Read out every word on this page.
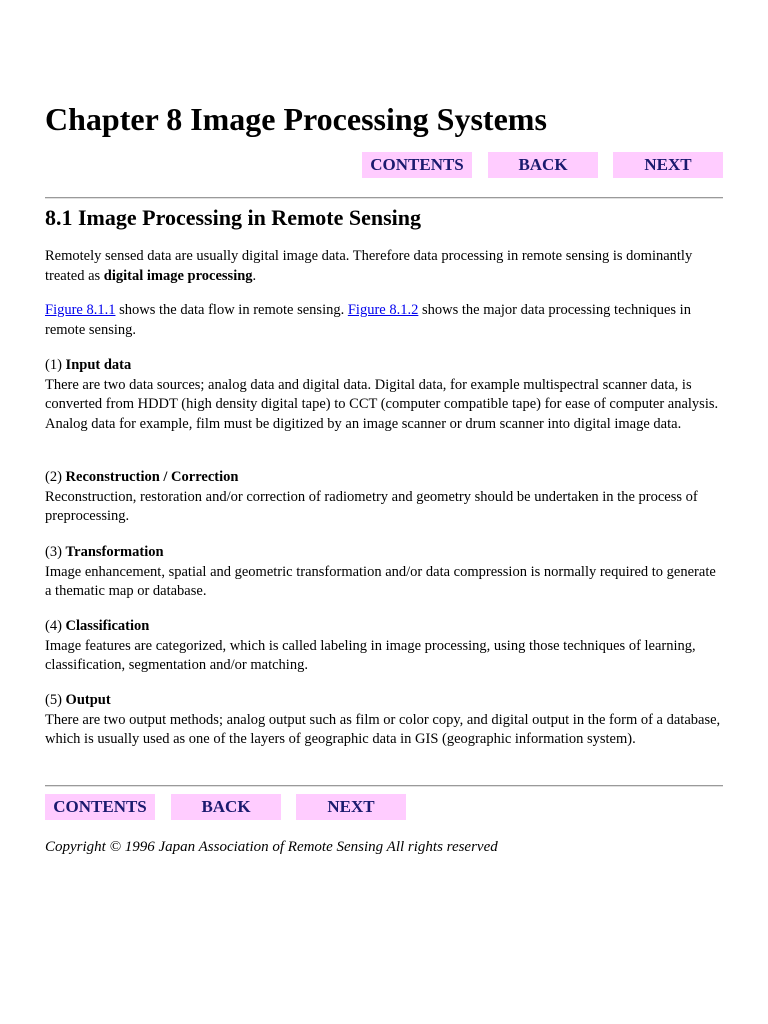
Chapter 8 Image Processing Systems
CONTENTS	BACK	NEXT
8.1 Image Processing in Remote Sensing

Remotely sensed data are usually digital image data. Therefore data processing in remote sensing is dominantly treated as digital image processing.

Figure 8.1.1 shows the data flow in remote sensing. Figure 8.1.2 shows the major data processing techniques in remote sensing.

(1) Input data
There are two data sources; analog data and digital data. Digital data, for example multispectral scanner data, is converted from HDDT (high density digital tape) to CCT (computer compatible tape) for ease of computer analysis. Analog data for example, film must be digitized by an image scanner or drum scanner into digital image data.

(2) Reconstruction / Correction
Reconstruction, restoration and/or correction of radiometry and geometry should be undertaken in the process of preprocessing.

(3) Transformation
Image enhancement, spatial and geometric transformation and/or data compression is normally required to generate a thematic map or database.

(4) Classification
Image features are categorized, which is called labeling in image processing, using those techniques of learning, classification, segmentation and/or matching.

(5) Output
There are two output methods; analog output such as film or color copy, and digital output in the form of a database, which is usually used as one of the layers of geographic data in GIS (geographic information system).

CONTENTS	BACK	NEXT

Copyright © 1996 Japan Association of Remote Sensing All rights reserved
